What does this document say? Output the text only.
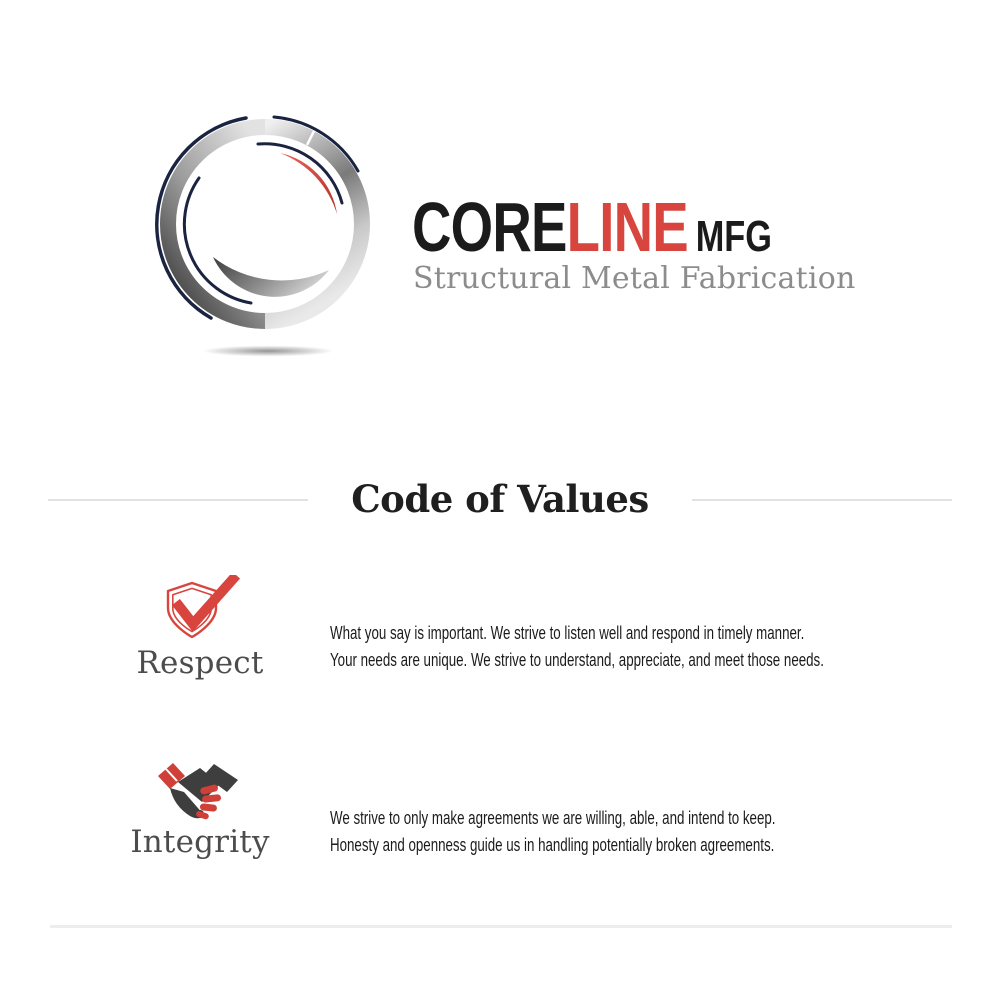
CORELINE MFG
Structural Metal Fabrication
Code of Values
Respect
What you say is important. We strive to listen well and respond in timely manner.
Your needs are unique. We strive to understand, appreciate, and meet those needs.
Integrity
We strive to only make agreements we are willing, able, and intend to keep.
Honesty and openness guide us in handling potentially broken agreements.
